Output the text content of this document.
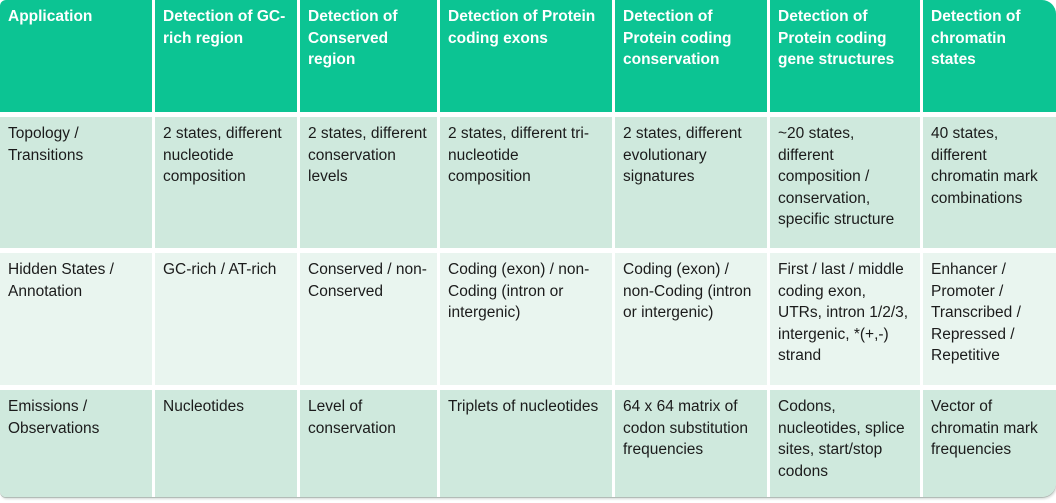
Application	Detection of GC-rich region	Detection of Conserved region	Detection of Protein coding exons	Detection of Protein coding conservation	Detection of Protein coding gene structures	Detection of chromatin states
Topology / Transitions	2 states, different nucleotide composition	2 states, different conservation levels	2 states, different tri-nucleotide composition	2 states, different evolutionary signatures	~20 states, different composition / conservation, specific structure	40 states, different chromatin mark combinations
Hidden States / Annotation	GC-rich / AT-rich	Conserved / non-Conserved	Coding (exon) / non-Coding (intron or intergenic)	Coding (exon) / non-Coding (intron or intergenic)	First / last / middle coding exon, UTRs, intron 1/2/3, intergenic, *(+,-) strand	Enhancer / Promoter / Transcribed / Repressed / Repetitive
Emissions / Observations	Nucleotides	Level of conservation	Triplets of nucleotides	64 x 64 matrix of codon substitution frequencies	Codons, nucleotides, splice sites, start/stop codons	Vector of chromatin mark frequencies
